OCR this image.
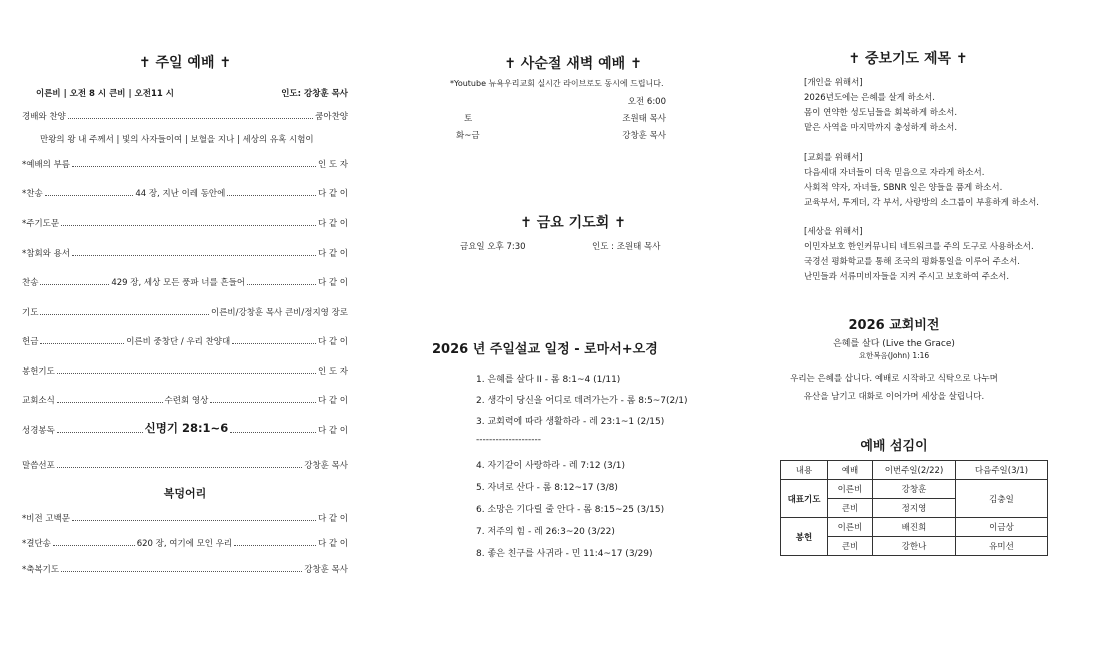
✝ 주일 예배 ✝
이른비 | 오전 8 시 큰비 | 오전11 시	인도: 강창훈 목사
경배와 찬양	쿰아찬양
만왕의 왕 내 주께서 | 빛의 사자들이여 | 보혈을 지나 | 세상의 유혹 시험이
*예배의 부름	인 도 자
*찬송	44 장, 지난 이레 동안에	다 같 이
*주기도문	다 같 이
*참회와 용서	다 같 이
찬송	429 장, 세상 모든 풍파 너를 흔들어	다 같 이
기도	이른비/강창훈 목사 큰비/정지영 장로
헌금	이른비 중창단 / 우리 찬양대	다 같 이
봉헌기도	인 도 자
교회소식	수련회 영상	다 같 이
성경봉독	신명기 28:1~6	다 같 이
말씀선포	강창훈 목사
복덩어리
*비전 고백문	다 같 이
*결단송	620 장, 여기에 모인 우리	다 같 이
*축복기도	강창훈 목사
✝ 사순절 새벽 예배 ✝
*Youtube 뉴욕우리교회 실시간 라이브로도 동시에 드립니다.
오전 6:00
토	조원태 목사
화~금	강창훈 목사
✝ 금요 기도회 ✝
금요일 오후 7:30	인도 : 조원태 목사
2026 년 주일설교 일정 - 로마서+오경
1. 은혜를 살다 II - 롬 8:1~4 (1/11)
2. 생각이 당신을 어디로 데려가는가 - 롬 8:5~7(2/1)
3. 교회력에 따라 생활하라 - 레 23:1~1 (2/15)
--------------------
4. 자기같이 사랑하라 - 레 7:12 (3/1)
5. 자녀로 산다 - 롬 8:12~17 (3/8)
6. 소망은 기다릴 줄 안다 - 롬 8:15~25 (3/15)
7. 저주의 힘 - 레 26:3~20 (3/22)
8. 좋은 친구를 사귀라 - 민 11:4~17 (3/29)
✝ 중보기도 제목 ✝
[개인을 위해서]
2026년도에는 은혜를 살게 하소서.
몸이 연약한 성도님들을 회복하게 하소서.
맡은 사역을 마지막까지 충성하게 하소서.
[교회를 위해서]
다음세대 자녀들이 더욱 믿음으로 자라게 하소서.
사회적 약자, 자녀들, SBNR 일은 양들을 품게 하소서.
교육부서, 투게더, 각 부서, 사랑방의 소그룹이 부흥하게 하소서.
[세상을 위해서]
이민자보호 한인커뮤니티 네트워크를 주의 도구로 사용하소서.
국경선 평화학교를 통해 조국의 평화통일을 이루어 주소서.
난민들과 서류미비자들을 지켜 주시고 보호하여 주소서.
2026 교회비전
은혜를 살다 (Live the Grace)
요한복음(John) 1:16
우리는 은혜를 삽니다. 예배로 시작하고 식탁으로 나누며
유산을 남기고 대화로 이어가며 세상을 살립니다.
예배 섬김이
내용	예배	이번주일(2/22)	다음주일(3/1)
대표기도	이른비	강창훈	김충일
	큰비	정지영	
봉헌	이른비	배진희	이금상
	큰비	강한나	유미선
